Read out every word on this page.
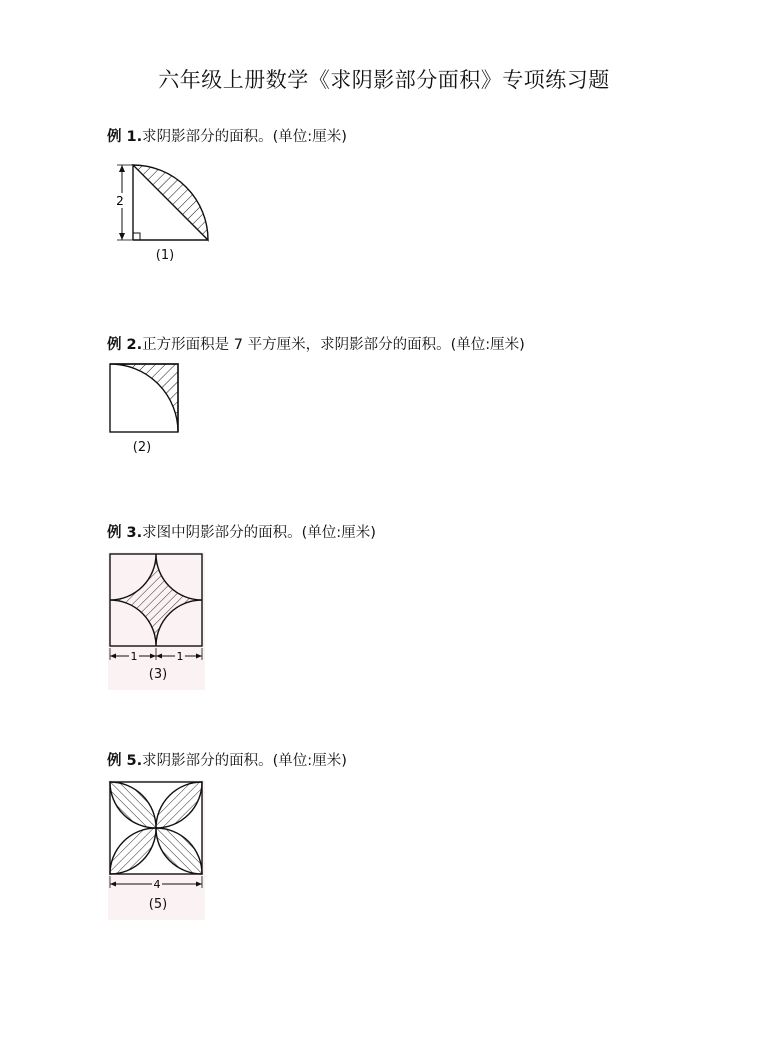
六年级上册数学《求阴影部分面积》专项练习题
例 1.求阴影部分的面积。(单位:厘米)
2
(1)
例 2.正方形面积是 7 平方厘米，求阴影部分的面积。(单位:厘米)
(2)
例 3.求图中阴影部分的面积。(单位:厘米)
1	1
(3)
例 5.求阴影部分的面积。(单位:厘米)
4
(5)
